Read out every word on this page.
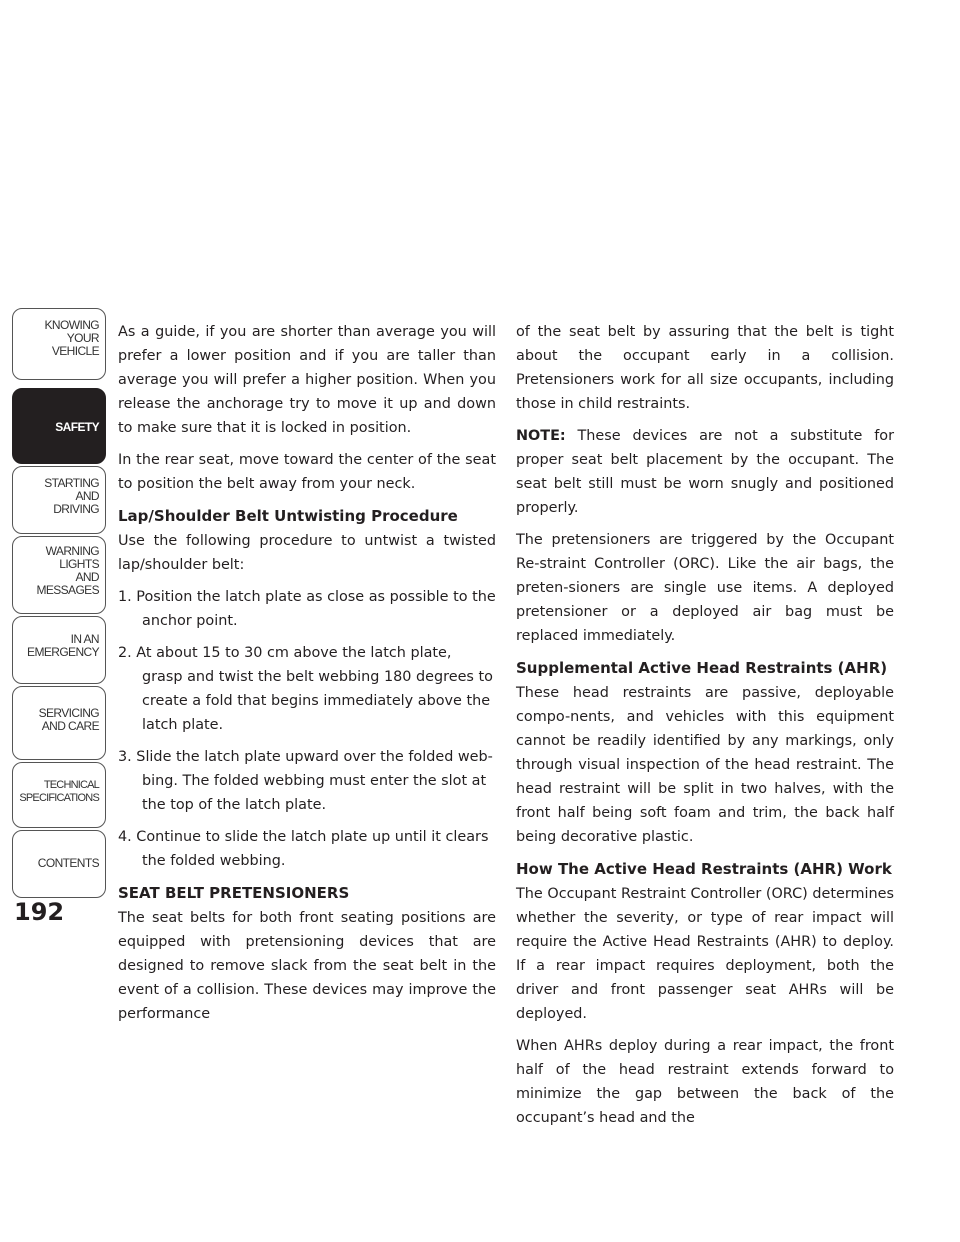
KNOWING
YOUR
VEHICLE
SAFETY
STARTING
AND
DRIVING
WARNING
LIGHTS
AND
MESSAGES
IN AN
EMERGENCY
SERVICING
AND CARE
TECHNICAL
SPECIFICATIONS
CONTENTS
192

As a guide, if you are shorter than average you will prefer a lower position and if you are taller than average you will prefer a higher position. When you release the anchorage try to move it up and down to make sure that it is locked in position.

In the rear seat, move toward the center of the seat to position the belt away from your neck.

Lap/Shoulder Belt Untwisting Procedure

Use the following procedure to untwist a twisted lap/shoulder belt:

1. Position the latch plate as close as possible to the anchor point.
2. At about 15 to 30 cm above the latch plate, grasp and twist the belt webbing 180 degrees to create a fold that begins immediately above the latch plate.
3. Slide the latch plate upward over the folded web-bing. The folded webbing must enter the slot at the top of the latch plate.
4. Continue to slide the latch plate up until it clears the folded webbing.
SEAT BELT PRETENSIONERS

The seat belts for both front seating positions are equipped with pretensioning devices that are designed to remove slack from the seat belt in the event of a collision. These devices may improve the performance

of the seat belt by assuring that the belt is tight about the occupant early in a collision. Pretensioners work for all size occupants, including those in child restraints.

NOTE: These devices are not a substitute for proper seat belt placement by the occupant. The seat belt still must be worn snugly and positioned properly.

The pretensioners are triggered by the Occupant Re-straint Controller (ORC). Like the air bags, the preten-sioners are single use items. A deployed pretensioner or a deployed air bag must be replaced immediately.

Supplemental Active Head Restraints (AHR)

These head restraints are passive, deployable compo-nents, and vehicles with this equipment cannot be readily identified by any markings, only through visual inspection of the head restraint. The head restraint will be split in two halves, with the front half being soft foam and trim, the back half being decorative plastic.

How The Active Head Restraints (AHR) Work

The Occupant Restraint Controller (ORC) determines whether the severity, or type of rear impact will require the Active Head Restraints (AHR) to deploy. If a rear impact requires deployment, both the driver and front passenger seat AHRs will be deployed.

When AHRs deploy during a rear impact, the front half of the head restraint extends forward to minimize the gap between the back of the occupant’s head and the
